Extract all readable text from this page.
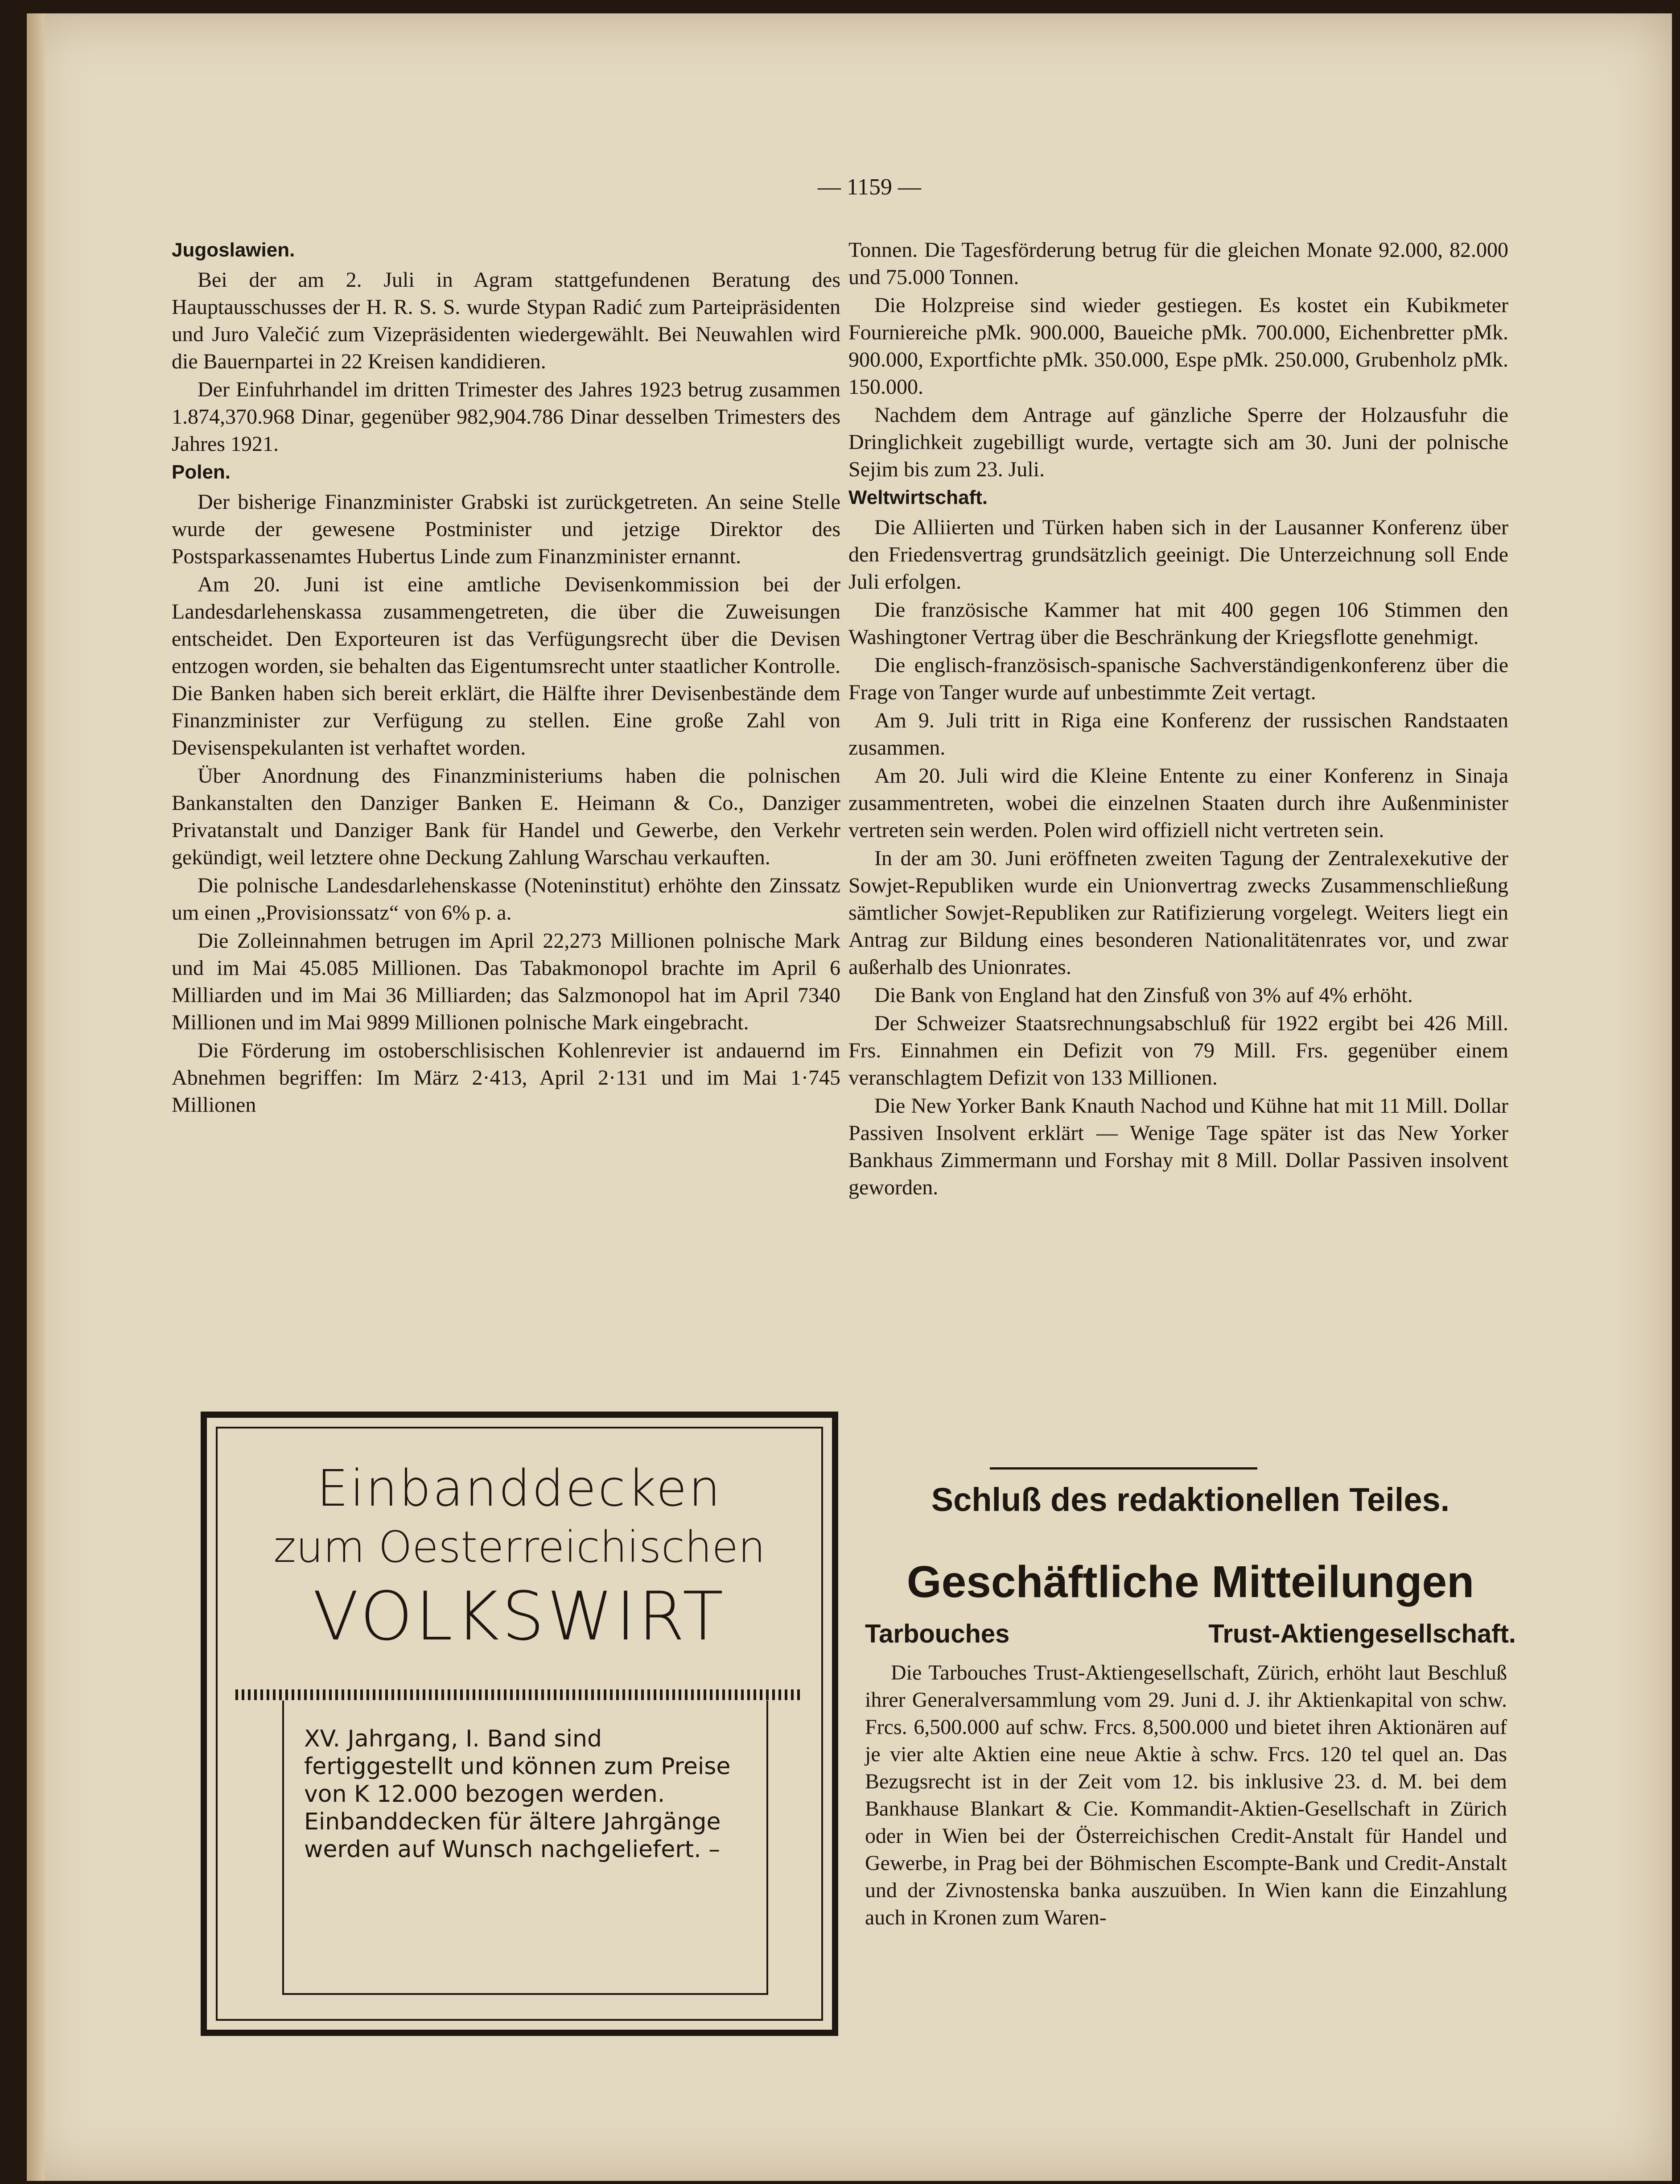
— 1159 —
Jugoslawien.

Bei der am 2. Juli in Agram stattgefundenen Beratung des Hauptausschusses der H. R. S. S. wurde Stypan Radić zum Parteipräsidenten und Juro Valečić zum Vizepräsidenten wiedergewählt. Bei Neuwahlen wird die Bauernpartei in 22 Kreisen kandidieren.

Der Einfuhrhandel im dritten Trimester des Jahres 1923 betrug zusammen 1.874,370.968 Dinar, gegenüber 982,904.786 Dinar desselben Trimesters des Jahres 1921.

Polen.

Der bisherige Finanzminister Grabski ist zurückgetreten. An seine Stelle wurde der gewesene Postminister und jetzige Direktor des Postsparkassenamtes Hubertus Linde zum Finanzminister ernannt.

Am 20. Juni ist eine amtliche Devisenkommission bei der Landesdarlehenskassa zusammengetreten, die über die Zuweisungen entscheidet. Den Exporteuren ist das Verfügungsrecht über die Devisen entzogen worden, sie behalten das Eigentumsrecht unter staatlicher Kontrolle. Die Banken haben sich bereit erklärt, die Hälfte ihrer Devisenbestände dem Finanzminister zur Verfügung zu stellen. Eine große Zahl von Devisenspekulanten ist verhaftet worden.

Über Anordnung des Finanzministeriums haben die polnischen Bankanstalten den Danziger Banken E. Heimann & Co., Danziger Privatanstalt und Danziger Bank für Handel und Gewerbe, den Verkehr gekündigt, weil letztere ohne Deckung Zahlung Warschau verkauften.

Die polnische Landesdarlehenskasse (Noteninstitut) erhöhte den Zinssatz um einen „Provisionssatz“ von 6% p. a.

Die Zolleinnahmen betrugen im April 22,273 Millionen polnische Mark und im Mai 45.085 Millionen. Das Tabakmonopol brachte im April 6 Milliarden und im Mai 36 Milliarden; das Salzmonopol hat im April 7340 Millionen und im Mai 9899 Millionen polnische Mark eingebracht.

Die Förderung im ostoberschlisischen Kohlenrevier ist andauernd im Abnehmen begriffen: Im März 2·413, April 2·131 und im Mai 1·745 Millionen

Tonnen. Die Tagesförderung betrug für die gleichen Monate 92.000, 82.000 und 75.000 Tonnen.

Die Holzpreise sind wieder gestiegen. Es kostet ein Kubikmeter Fourniereiche pMk. 900.000, Baueiche pMk. 700.000, Eichenbretter pMk. 900.000, Exportfichte pMk. 350.000, Espe pMk. 250.000, Grubenholz pMk. 150.000.

Nachdem dem Antrage auf gänzliche Sperre der Holzausfuhr die Dringlichkeit zugebilligt wurde, vertagte sich am 30. Juni der polnische Sejim bis zum 23. Juli.

Weltwirtschaft.

Die Alliierten und Türken haben sich in der Lausanner Konferenz über den Friedensvertrag grundsätzlich geeinigt. Die Unterzeichnung soll Ende Juli erfolgen.

Die französische Kammer hat mit 400 gegen 106 Stimmen den Washingtoner Vertrag über die Beschränkung der Kriegsflotte genehmigt.

Die englisch-französisch-spanische Sachverständigenkonferenz über die Frage von Tanger wurde auf unbestimmte Zeit vertagt.

Am 9. Juli tritt in Riga eine Konferenz der russischen Randstaaten zusammen.

Am 20. Juli wird die Kleine Entente zu einer Konferenz in Sinaja zusammentreten, wobei die einzelnen Staaten durch ihre Außenminister vertreten sein werden. Polen wird offiziell nicht vertreten sein.

In der am 30. Juni eröffneten zweiten Tagung der Zentralexekutive der Sowjet-Republiken wurde ein Unionvertrag zwecks Zusammenschließung sämtlicher Sowjet-Republiken zur Ratifizierung vorgelegt. Weiters liegt ein Antrag zur Bildung eines besonderen Nationalitätenrates vor, und zwar außerhalb des Unionrates.

Die Bank von England hat den Zinsfuß von 3% auf 4% erhöht.

Der Schweizer Staatsrechnungsabschluß für 1922 ergibt bei 426 Mill. Frs. Einnahmen ein Defizit von 79 Mill. Frs. gegenüber einem veranschlagtem Defizit von 133 Millionen.

Die New Yorker Bank Knauth Nachod und Kühne hat mit 11 Mill. Dollar Passiven Insolvent erklärt — Wenige Tage später ist das New Yorker Bankhaus Zimmermann und Forshay mit 8 Mill. Dollar Passiven insolvent geworden.

Einbanddecken
zum Oesterreichischen
VOLKSWIRT
XV. Jahrgang, I. Band sind fertiggestellt und können zum Preise von K 12.000 bezogen werden. Einbanddecken für ältere Jahrgänge werden auf Wunsch nachgeliefert. –
Schluß des redaktionellen Teiles.
Geschäftliche Mitteilungen
Tarbouches	Trust-Aktiengesellschaft.

Die Tarbouches Trust-Aktiengesellschaft, Zürich, erhöht laut Beschluß ihrer Generalversammlung vom 29. Juni d. J. ihr Aktienkapital von schw. Frcs. 6,500.000 auf schw. Frcs. 8,500.000 und bietet ihren Aktionären auf je vier alte Aktien eine neue Aktie à schw. Frcs. 120 tel quel an. Das Bezugsrecht ist in der Zeit vom 12. bis inklusive 23. d. M. bei dem Bankhause Blankart & Cie. Kommandit-Aktien-Gesellschaft in Zürich oder in Wien bei der Österreichischen Credit-Anstalt für Handel und Gewerbe, in Prag bei der Böhmischen Escompte-Bank und Credit-Anstalt und der Zivnostenska banka auszuüben. In Wien kann die Einzahlung auch in Kronen zum Waren-
